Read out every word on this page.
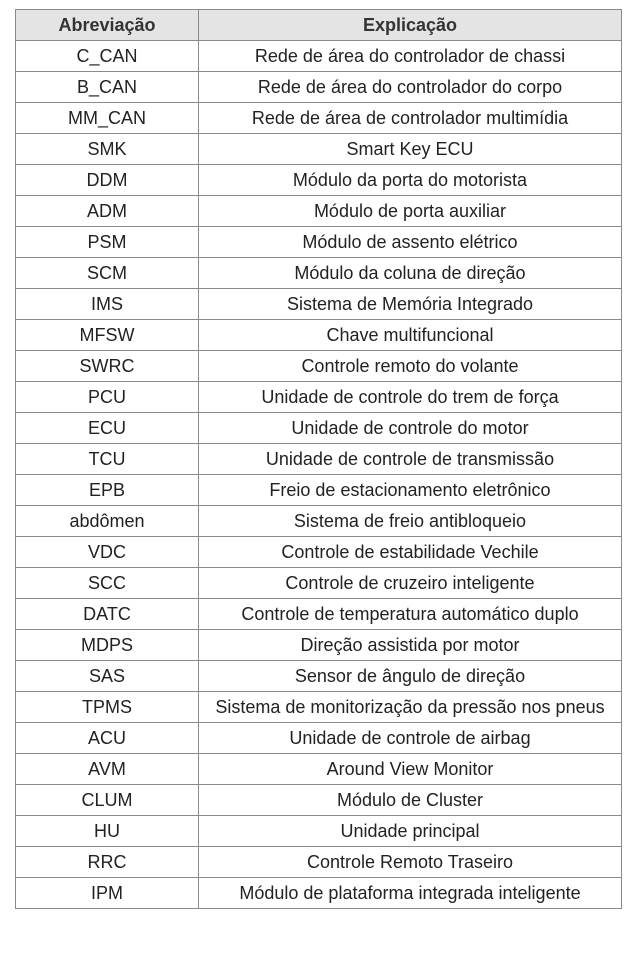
Abreviação	Explicação
C_CAN	Rede de área do controlador de chassi
B_CAN	Rede de área do controlador do corpo
MM_CAN	Rede de área de controlador multimídia
SMK	Smart Key ECU
DDM	Módulo da porta do motorista
ADM	Módulo de porta auxiliar
PSM	Módulo de assento elétrico
SCM	Módulo da coluna de direção
IMS	Sistema de Memória Integrado
MFSW	Chave multifuncional
SWRC	Controle remoto do volante
PCU	Unidade de controle do trem de força
ECU	Unidade de controle do motor
TCU	Unidade de controle de transmissão
EPB	Freio de estacionamento eletrônico
abdômen	Sistema de freio antibloqueio
VDC	Controle de estabilidade Vechile
SCC	Controle de cruzeiro inteligente
DATC	Controle de temperatura automático duplo
MDPS	Direção assistida por motor
SAS	Sensor de ângulo de direção
TPMS	Sistema de monitorização da pressão nos pneus
ACU	Unidade de controle de airbag
AVM	Around View Monitor
CLUM	Módulo de Cluster
HU	Unidade principal
RRC	Controle Remoto Traseiro
IPM	Módulo de plataforma integrada inteligente
